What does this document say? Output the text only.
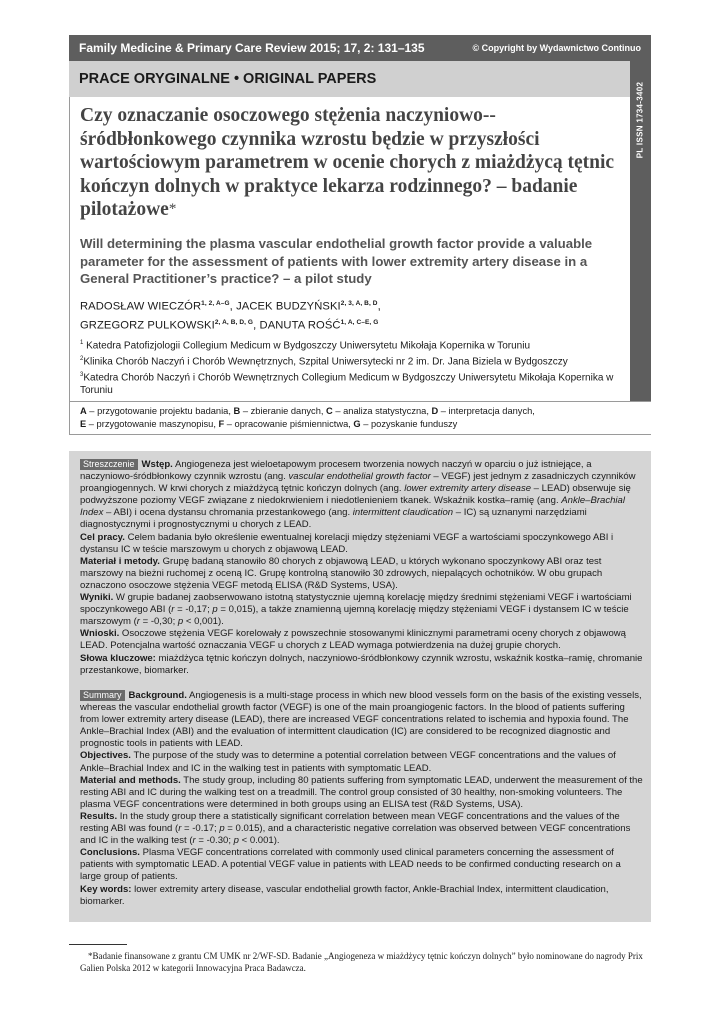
Family Medicine & Primary Care Review 2015; 17, 2: 131–135	© Copyright by Wydawnictwo Continuo
PL ISSN 1734-3402
PRACE ORYGINALNE • ORIGINAL PAPERS
Czy oznaczanie osoczowego stężenia naczyniowo--śródbłonkowego czynnika wzrostu będzie w przyszłości wartościowym parametrem w ocenie chorych z miażdżycą tętnic kończyn dolnych w praktyce lekarza rodzinnego? – badanie pilotażowe*
Will determining the plasma vascular endothelial growth factor provide a valuable parameter for the assessment of patients with lower extremity artery disease in a General Practitioner’s practice? – a pilot study

RADOSŁAW $WIECZÓR^{1, 2, A-G}$, JACEK $BUDZYŃSKI^{2, 3, A, B, D}$,
GRZEGORZ $PULKOWSKI^{2, A, B, D, G}$, DANUTA $ROŚĆ^{1, A, C-E, G}$

$^1$ Katedra Patofizjologii Collegium Medicum w Bydgoszczy Uniwersytetu Mikołaja Kopernika w Toruniu
$^2$Klinika Chorób Naczyń i Chorób Wewnętrznych, Szpital Uniwersytecki nr 2 im. Dr. Jana Biziela w Bydgoszczy
$^3$Katedra Chorób Naczyń i Chorób Wewnętrznych Collegium Medicum w Bydgoszczy Uniwersytetu Mikołaja Kopernika w Toruniu

A – przygotowanie projektu badania, B – zbieranie danych, C – analiza statystyczna, D – interpretacja danych,
E – przygotowanie maszynopisu, F – opracowanie piśmiennictwa, G – pozyskanie funduszy

Streszczenie Wstęp. Angiogeneza jest wieloetapowym procesem tworzenia nowych naczyń w oparciu o już istniejące, a naczyniowo-śródbłonkowy czynnik wzrostu (ang. vascular endothelial growth factor – VEGF) jest jednym z zasadniczych czynników proangiogennych. W krwi chorych z miażdżycą tętnic kończyn dolnych (ang. lower extremity artery disease – LEAD) obserwuje się podwyższone poziomy VEGF związane z niedokrwieniem i niedotlenieniem tkanek. Wskaźnik kostka–ramię (ang. Ankle–Brachial Index – ABI) i ocena dystansu chromania przestankowego (ang. intermittent claudication – IC) są uznanymi narzędziami diagnostycznymi i prognostycznymi u chorych z LEAD.

Cel pracy. Celem badania było określenie ewentualnej korelacji między stężeniami VEGF a wartościami spoczynkowego ABI i dystansu IC w teście marszowym u chorych z objawową LEAD.

Materiał i metody. Grupę badaną stanowiło 80 chorych z objawową LEAD, u których wykonano spoczynkowy ABI oraz test marszowy na bieżni ruchomej z oceną IC. Grupę kontrolną stanowiło 30 zdrowych, niepalących ochotników. W obu grupach oznaczono osoczowe stężenia VEGF metodą ELISA (R&D Systems, USA).

Wyniki. W grupie badanej zaobserwowano istotną statystycznie ujemną korelację między średnimi stężeniami VEGF i wartościami spoczynkowego ABI (r = -0,17; p = 0,015), a także znamienną ujemną korelację między stężeniami VEGF i dystansem IC w teście marszowym (r = -0,30; p < 0,001).

Wnioski. Osoczowe stężenia VEGF korelowały z powszechnie stosowanymi klinicznymi parametrami oceny chorych z objawową LEAD. Potencjalna wartość oznaczania VEGF u chorych z LEAD wymaga potwierdzenia na dużej grupie chorych.

Słowa kluczowe: miażdżyca tętnic kończyn dolnych, naczyniowo-śródbłonkowy czynnik wzrostu, wskaźnik kostka–ramię, chromanie przestankowe, biomarker.

Summary Background. Angiogenesis is a multi-stage process in which new blood vessels form on the basis of the existing vessels, whereas the vascular endothelial growth factor (VEGF) is one of the main proangiogenic factors. In the blood of patients suffering from lower extremity artery disease (LEAD), there are increased VEGF concentrations related to ischemia and hypoxia found. The Ankle–Brachial Index (ABI) and the evaluation of intermittent claudication (IC) are considered to be recognized diagnostic and prognostic tools in patients with LEAD.

Objectives. The purpose of the study was to determine a potential correlation between VEGF concentrations and the values of Ankle–Brachial Index and IC in the walking test in patients with symptomatic LEAD.

Material and methods. The study group, including 80 patients suffering from symptomatic LEAD, underwent the measurement of the resting ABI and IC during the walking test on a treadmill. The control group consisted of 30 healthy, non-smoking volunteers. The plasma VEGF concentrations were determined in both groups using an ELISA test (R&D Systems, USA).

Results. In the study group there a statistically significant correlation between mean VEGF concentrations and the values of the resting ABI was found (r = -0.17; p = 0.015), and a characteristic negative correlation was observed between VEGF concentrations and IC in the walking test (r = -0.30; p < 0.001).

Conclusions. Plasma VEGF concentrations correlated with commonly used clinical parameters concerning the assessment of patients with symptomatic LEAD. A potential VEGF value in patients with LEAD needs to be confirmed conducting research on a large group of patients.

Key words: lower extremity artery disease, vascular endothelial growth factor, Ankle-Brachial Index, intermittent claudication, biomarker.

*Badanie finansowane z grantu CM UMK nr 2/WF-SD. Badanie „Angiogeneza w miażdżycy tętnic kończyn dolnych” było nominowane do nagrody Prix Galien Polska 2012 w kategorii Innowacyjna Praca Badawcza.
